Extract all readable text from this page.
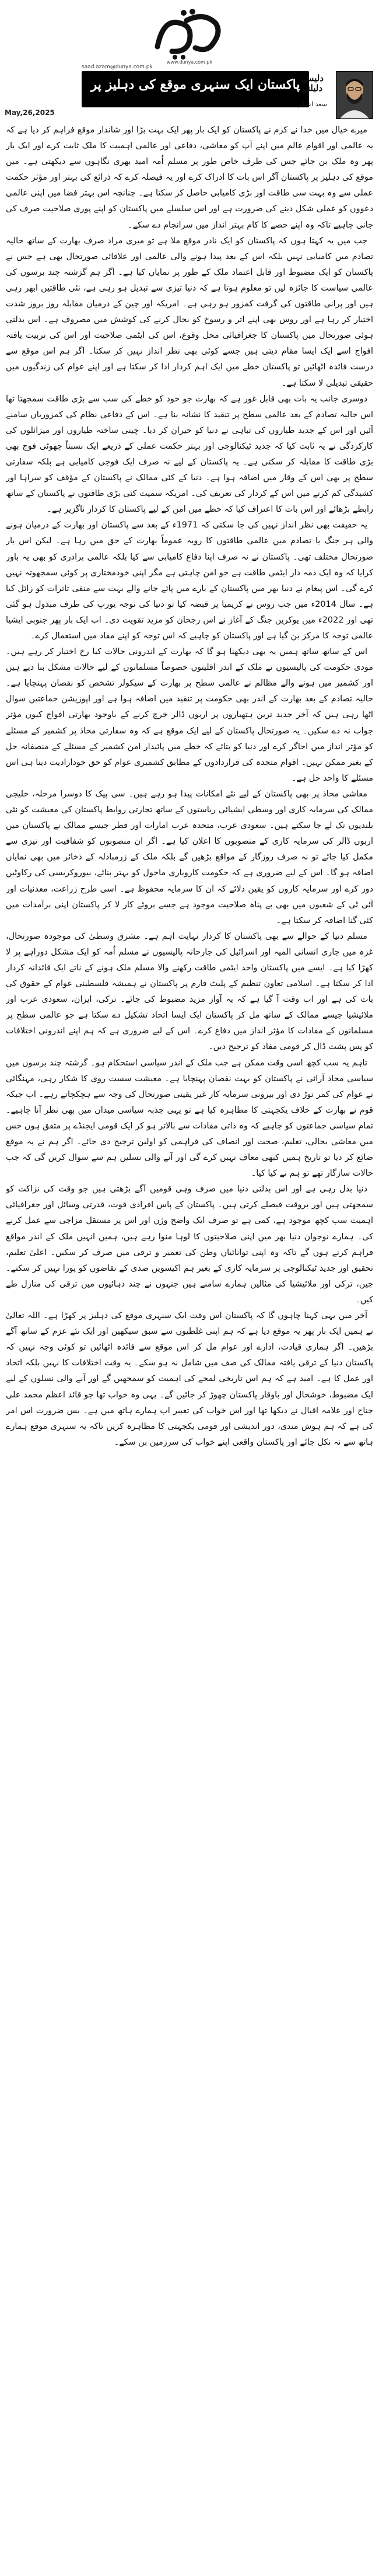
www.dunya.com.pk
saad.azam@dunya.com.pk
پاکستان ایک سنہری موقع کی دہلیز پر دلیسے دلیلتے
سعد اعظم
May,26,2025

میرے خیال میں خدا نے کرم نے پاکستان کو ایک بار پھر ایک بہت بڑا اور شاندار موقع فراہم کر دیا ہے کہ یہ عالمی اور اقوام عالم میں اپنے آپ کو معاشی، دفاعی اور عالمی اہمیت کا ملک ثابت کرے اور ایک بار پھر وہ ملک بن جائے جس کی طرف خاص طور پر مسلم اُمہ امید بھری نگاہوں سے دیکھتی ہے۔ میں موقع کی دہلیز پر پاکستان آگر اس بات کا ادراک کرے اور یہ فیصلہ کرے کہ ذرائع کی بہتر اور مؤثر حکمت عملی سے وہ بہت سی طاقت اور بڑی کامیابی حاصل کر سکتا ہے۔ چنانچہ اس بہتر فضا میں اپنی عالمی دعووں کو عملی شکل دینے کی ضرورت ہے اور اس سلسلے میں پاکستان کو اپنے پوری صلاحیت صرف کی جانی چاہیے تاکہ وہ اپنے حصے کا کام بہتر انداز میں سرانجام دے سکے۔

جب میں یہ کہتا ہوں کہ پاکستان کو ایک نادر موقع ملا ہے تو میری مراد صرف بھارت کے ساتھ حالیہ تصادم میں کامیابی نہیں بلکہ اس کے بعد پیدا ہونے والی عالمی اور علاقائی صورتحال بھی ہے جس نے پاکستان کو ایک مضبوط اور قابل اعتماد ملک کے طور پر نمایاں کیا ہے۔ اگر ہم گزشتہ چند برسوں کی عالمی سیاست کا جائزہ لیں تو معلوم ہوتا ہے کہ دنیا تیزی سے تبدیل ہو رہی ہے، نئی طاقتیں ابھر رہی ہیں اور پرانی طاقتوں کی گرفت کمزور ہو رہی ہے۔ امریکہ اور چین کے درمیان مقابلہ روز بروز شدت اختیار کر رہا ہے اور روس بھی اپنے اثر و رسوخ کو بحال کرنے کی کوشش میں مصروف ہے۔ اس بدلتی ہوئی صورتحال میں پاکستان کا جغرافیائی محل وقوع، اس کی ایٹمی صلاحیت اور اس کی تربیت یافتہ افواج اسے ایک ایسا مقام دیتی ہیں جسے کوئی بھی نظر انداز نہیں کر سکتا۔ اگر ہم اس موقع سے درست فائدہ اٹھائیں تو پاکستان خطے میں ایک اہم کردار ادا کر سکتا ہے اور اپنے عوام کی زندگیوں میں حقیقی تبدیلی لا سکتا ہے۔

دوسری جانب یہ بات بھی قابل غور ہے کہ بھارت جو خود کو خطے کی سب سے بڑی طاقت سمجھتا تھا اس حالیہ تصادم کے بعد عالمی سطح پر تنقید کا نشانہ بنا ہے۔ اس کے دفاعی نظام کی کمزوریاں سامنے آئیں اور اس کے جدید طیاروں کی تباہی نے دنیا کو حیران کر دیا۔ چینی ساختہ طیاروں اور میزائلوں کی کارکردگی نے یہ ثابت کیا کہ جدید ٹیکنالوجی اور بہتر حکمت عملی کے ذریعے ایک نسبتاً چھوٹی فوج بھی بڑی طاقت کا مقابلہ کر سکتی ہے۔ یہ پاکستان کے لیے نہ صرف ایک فوجی کامیابی ہے بلکہ سفارتی سطح پر بھی اس کے وقار میں اضافہ ہوا ہے۔ دنیا کے کئی ممالک نے پاکستان کے مؤقف کو سراہا اور کشیدگی کم کرنے میں اس کے کردار کی تعریف کی۔ امریکہ سمیت کئی بڑی طاقتوں نے پاکستان کے ساتھ رابطے بڑھائے اور اس بات کا اعتراف کیا کہ خطے میں امن کے لیے پاکستان کا کردار ناگزیر ہے۔

یہ حقیقت بھی نظر انداز نہیں کی جا سکتی کہ 1971ء کے بعد سے پاکستان اور بھارت کے درمیان ہونے والی ہر جنگ یا تصادم میں عالمی طاقتوں کا رویہ عموماً بھارت کے حق میں رہا ہے۔ لیکن اس بار صورتحال مختلف تھی۔ پاکستان نے نہ صرف اپنا دفاع کامیابی سے کیا بلکہ عالمی برادری کو بھی یہ باور کرایا کہ وہ ایک ذمہ دار ایٹمی طاقت ہے جو امن چاہتی ہے مگر اپنی خودمختاری پر کوئی سمجھوتہ نہیں کرے گی۔ اس پیغام نے دنیا بھر میں پاکستان کے بارے میں پائے جانے والے بہت سے منفی تاثرات کو زائل کیا ہے۔ سال 2014ء میں جب روس نے کریمیا پر قبضہ کیا تو دنیا کی توجہ یورپ کی طرف مبذول ہو گئی تھی اور 2022ء میں یوکرین جنگ کے آغاز نے اس رجحان کو مزید تقویت دی۔ اب ایک بار پھر جنوبی ایشیا عالمی توجہ کا مرکز بن گیا ہے اور پاکستان کو چاہیے کہ اس توجہ کو اپنے مفاد میں استعمال کرے۔

اس کے ساتھ ساتھ ہمیں یہ بھی دیکھنا ہو گا کہ بھارت کے اندرونی حالات کیا رخ اختیار کر رہے ہیں۔ مودی حکومت کی پالیسیوں نے ملک کے اندر اقلیتوں خصوصاً مسلمانوں کے لیے حالات مشکل بنا دیے ہیں اور کشمیر میں ہونے والے مظالم نے عالمی سطح پر بھارت کے سیکولر تشخص کو نقصان پہنچایا ہے۔ حالیہ تصادم کے بعد بھارت کے اندر بھی حکومت پر تنقید میں اضافہ ہوا ہے اور اپوزیشن جماعتیں سوال اٹھا رہی ہیں کہ آخر جدید ترین ہتھیاروں پر اربوں ڈالر خرچ کرنے کے باوجود بھارتی افواج کیوں مؤثر جواب نہ دے سکیں۔ یہ صورتحال پاکستان کے لیے ایک موقع ہے کہ وہ سفارتی محاذ پر کشمیر کے مسئلے کو مؤثر انداز میں اجاگر کرے اور دنیا کو بتائے کہ خطے میں پائیدار امن کشمیر کے مسئلے کے منصفانہ حل کے بغیر ممکن نہیں۔ اقوام متحدہ کی قراردادوں کے مطابق کشمیری عوام کو حق خودارادیت دینا ہی اس مسئلے کا واحد حل ہے۔

معاشی محاذ پر بھی پاکستان کے لیے نئے امکانات پیدا ہو رہے ہیں۔ سی پیک کا دوسرا مرحلہ، خلیجی ممالک کی سرمایہ کاری اور وسطی ایشیائی ریاستوں کے ساتھ تجارتی روابط پاکستان کی معیشت کو نئی بلندیوں تک لے جا سکتے ہیں۔ سعودی عرب، متحدہ عرب امارات اور قطر جیسے ممالک نے پاکستان میں اربوں ڈالر کی سرمایہ کاری کے منصوبوں کا اعلان کیا ہے۔ اگر ان منصوبوں کو شفافیت اور تیزی سے مکمل کیا جائے تو نہ صرف روزگار کے مواقع بڑھیں گے بلکہ ملک کے زرمبادلہ کے ذخائر میں بھی نمایاں اضافہ ہو گا۔ اس کے لیے ضروری ہے کہ حکومت کاروباری ماحول کو بہتر بنائے، بیوروکریسی کی رکاوٹیں دور کرے اور سرمایہ کاروں کو یقین دلائے کہ ان کا سرمایہ محفوظ ہے۔ اسی طرح زراعت، معدنیات اور آئی ٹی کے شعبوں میں بھی بے پناہ صلاحیت موجود ہے جسے بروئے کار لا کر پاکستان اپنی برآمدات میں کئی گنا اضافہ کر سکتا ہے۔

مسلم دنیا کے حوالے سے بھی پاکستان کا کردار نہایت اہم ہے۔ مشرق وسطیٰ کی موجودہ صورتحال، غزہ میں جاری انسانی المیہ اور اسرائیل کی جارحانہ پالیسیوں نے مسلم اُمہ کو ایک مشکل دوراہے پر لا کھڑا کیا ہے۔ ایسے میں پاکستان واحد ایٹمی طاقت رکھنے والا مسلم ملک ہونے کے ناتے ایک قائدانہ کردار ادا کر سکتا ہے۔ اسلامی تعاون تنظیم کے پلیٹ فارم پر پاکستان نے ہمیشہ فلسطینی عوام کے حقوق کی بات کی ہے اور اب وقت آ گیا ہے کہ یہ آواز مزید مضبوط کی جائے۔ ترکی، ایران، سعودی عرب اور ملائیشیا جیسے ممالک کے ساتھ مل کر پاکستان ایک ایسا اتحاد تشکیل دے سکتا ہے جو عالمی سطح پر مسلمانوں کے مفادات کا مؤثر انداز میں دفاع کرے۔ اس کے لیے ضروری ہے کہ ہم اپنے اندرونی اختلافات کو پس پشت ڈال کر قومی مفاد کو ترجیح دیں۔

تاہم یہ سب کچھ اسی وقت ممکن ہے جب ملک کے اندر سیاسی استحکام ہو۔ گزشتہ چند برسوں میں سیاسی محاذ آرائی نے پاکستان کو بہت نقصان پہنچایا ہے۔ معیشت سست روی کا شکار رہی، مہنگائی نے عوام کی کمر توڑ دی اور بیرونی سرمایہ کار غیر یقینی صورتحال کی وجہ سے ہچکچاتے رہے۔ اب جبکہ قوم نے بھارت کے خلاف یکجہتی کا مظاہرہ کیا ہے تو یہی جذبہ سیاسی میدان میں بھی نظر آنا چاہیے۔ تمام سیاسی جماعتوں کو چاہیے کہ وہ ذاتی مفادات سے بالاتر ہو کر ایک قومی ایجنڈے پر متفق ہوں جس میں معاشی بحالی، تعلیم، صحت اور انصاف کی فراہمی کو اولین ترجیح دی جائے۔ اگر ہم نے یہ موقع ضائع کر دیا تو تاریخ ہمیں کبھی معاف نہیں کرے گی اور آنے والی نسلیں ہم سے سوال کریں گی کہ جب حالات سازگار تھے تو ہم نے کیا کیا۔

دنیا بدل رہی ہے اور اس بدلتی دنیا میں صرف وہی قومیں آگے بڑھتی ہیں جو وقت کی نزاکت کو سمجھتی ہیں اور بروقت فیصلے کرتی ہیں۔ پاکستان کے پاس افرادی قوت، قدرتی وسائل اور جغرافیائی اہمیت سب کچھ موجود ہے، کمی ہے تو صرف ایک واضح وژن اور اس پر مستقل مزاجی سے عمل کرنے کی۔ ہمارے نوجوان دنیا بھر میں اپنی صلاحیتوں کا لوہا منوا رہے ہیں، ہمیں انہیں ملک کے اندر مواقع فراہم کرنے ہوں گے تاکہ وہ اپنی توانائیاں وطن کی تعمیر و ترقی میں صرف کر سکیں۔ اعلیٰ تعلیم، تحقیق اور جدید ٹیکنالوجی پر سرمایہ کاری کے بغیر ہم اکیسویں صدی کے تقاضوں کو پورا نہیں کر سکتے۔ چین، ترکی اور ملائیشیا کی مثالیں ہمارے سامنے ہیں جنہوں نے چند دہائیوں میں ترقی کی منازل طے کیں۔

آخر میں یہی کہنا چاہوں گا کہ پاکستان اس وقت ایک سنہری موقع کی دہلیز پر کھڑا ہے۔ اللہ تعالیٰ نے ہمیں ایک بار پھر یہ موقع دیا ہے کہ ہم اپنی غلطیوں سے سبق سیکھیں اور ایک نئے عزم کے ساتھ آگے بڑھیں۔ اگر ہماری قیادت، ادارے اور عوام مل کر اس موقع سے فائدہ اٹھائیں تو کوئی وجہ نہیں کہ پاکستان دنیا کے ترقی یافتہ ممالک کی صف میں شامل نہ ہو سکے۔ یہ وقت اختلافات کا نہیں بلکہ اتحاد اور عمل کا ہے۔ امید ہے کہ ہم اس تاریخی لمحے کی اہمیت کو سمجھیں گے اور آنے والی نسلوں کے لیے ایک مضبوط، خوشحال اور باوقار پاکستان چھوڑ کر جائیں گے۔ یہی وہ خواب تھا جو قائد اعظم محمد علی جناح اور علامہ اقبال نے دیکھا تھا اور اس خواب کی تعبیر اب ہمارے ہاتھ میں ہے۔ بس ضرورت اس امر کی ہے کہ ہم ہوش مندی، دور اندیشی اور قومی یکجہتی کا مظاہرہ کریں تاکہ یہ سنہری موقع ہمارے ہاتھ سے نہ نکل جائے اور پاکستان واقعی اپنے خواب کی سرزمین بن سکے۔
